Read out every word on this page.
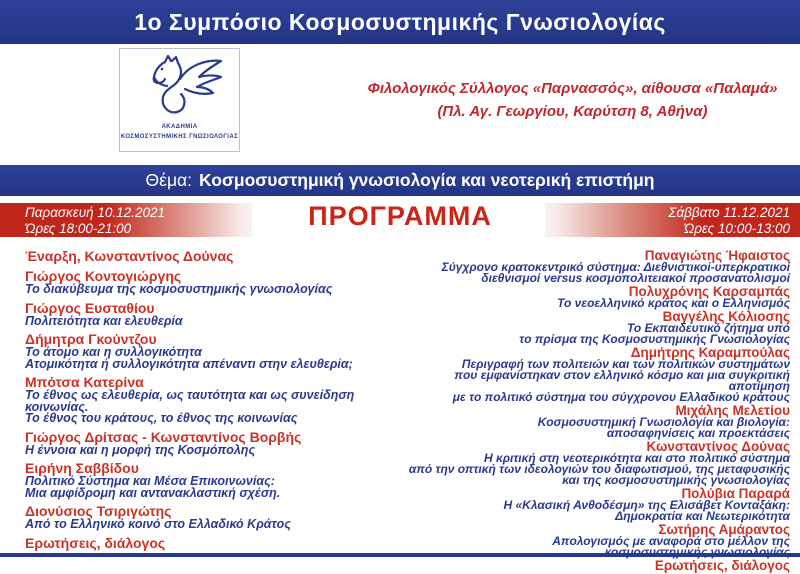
1ο Συμπόσιο Κοσμοσυστημικής Γνωσιολογίας
ΑΚΑΔΗΜΙΑ
ΚΟΣΜΟΣΥΣΤΗΜΙΚΗΣ ΓΝΩΣΙΟΛΟΓΙΑΣ
Φιλολογικός Σύλλογος «Παρνασσός», αίθουσα «Παλαμά»
(Πλ. Αγ. Γεωργίου, Καρύτση 8, Αθήνα)
Θέμα: Κοσμοσυστημική γνωσιολογία και νεοτερική επιστήμη
ΠΡΟΓΡΑΜΜΑ
Παρασκευή 10.12.2021
Ώρες 18:00-21:00
Σάββατο 11.12.2021
Ώρες 10:00-13:00
Έναρξη, Κωνσταντίνος Δούνας
Γιώργος Κοντογιώργης
Το διακύβευμα της κοσμοσυστημικής γνωσιολογίας
Γιώργος Ευσταθίου
Πολιτειότητα και ελευθερία
Δήμητρα Γκούντζου
Το άτομο και η συλλογικότητα
Ατομικότητα ή συλλογικότητα απέναντι στην ελευθερία;
Μπότσα Κατερίνα
Το έθνος ως ελευθερία, ως ταυτότητα και ως συνείδηση κοινωνίας.
Το έθνος του κράτους, το έθνος της κοινωνίας
Γιώργος Δρίτσας - Κωνσταντίνος Βορβής
Η έννοια και η μορφή της Κοσμόπολης
Ειρήνη Σαββίδου
Πολιτικό Σύστημα και Μέσα Επικοινωνίας:
Μια αμφίδρομη και αντανακλαστική σχέση.
Διονύσιος Τσιριγώτης
Από το Ελληνικό κοινό στο Ελλαδικό Κράτος
Ερωτήσεις, διάλογος
Παναγιώτης Ήφαιστος
Σύγχρονο κρατοκεντρικό σύστημα: Διεθνιστικοί-υπερκρατικοί
διεθνισμοί versus κοσμοπολιτειακοί προσανατολισμοί
Πολυχρόνης Καρσαμπάς
Το νεοελληνικό κράτος και ο Ελληνισμός
Βαγγέλης Κόλιοσης
Το Εκπαιδευτικό ζήτημα υπό
το πρίσμα της Κοσμοσυστημικής Γνωσιολογίας
Δημήτρης Καραμπούλας
Περιγραφή των πολιτειών και των πολιτικών συστημάτων
που εμφανίστηκαν στον ελληνικό κόσμο και μια συγκριτική αποτίμηση
με το πολιτικό σύστημα του σύγχρονου Ελλαδικού κράτους
Μιχάλης Μελετίου
Κοσμοσυστημική Γνωσιολογία και βιολογία:
αποσαφηνίσεις και προεκτάσεις
Κωνσταντίνος Δούνας
Η κριτική στη νεοτερικότητα και στο πολιτικό σύστημα
από την οπτική των ιδεολογιών του διαφωτισμού, της μεταφυσικής
και της κοσμοσυστημικής γνωσιολογίας
Πολύβια Παραρά
Η «Κλασική Ανθοδέσμη» της Ελισάβετ Κονταξάκη:
Δημοκρατία και Νεωτερικότητα
Σωτήρης Αμάραντος
Απολογισμός με αναφορά στο μέλλον της
Ερωτήσεις, διάλογος
